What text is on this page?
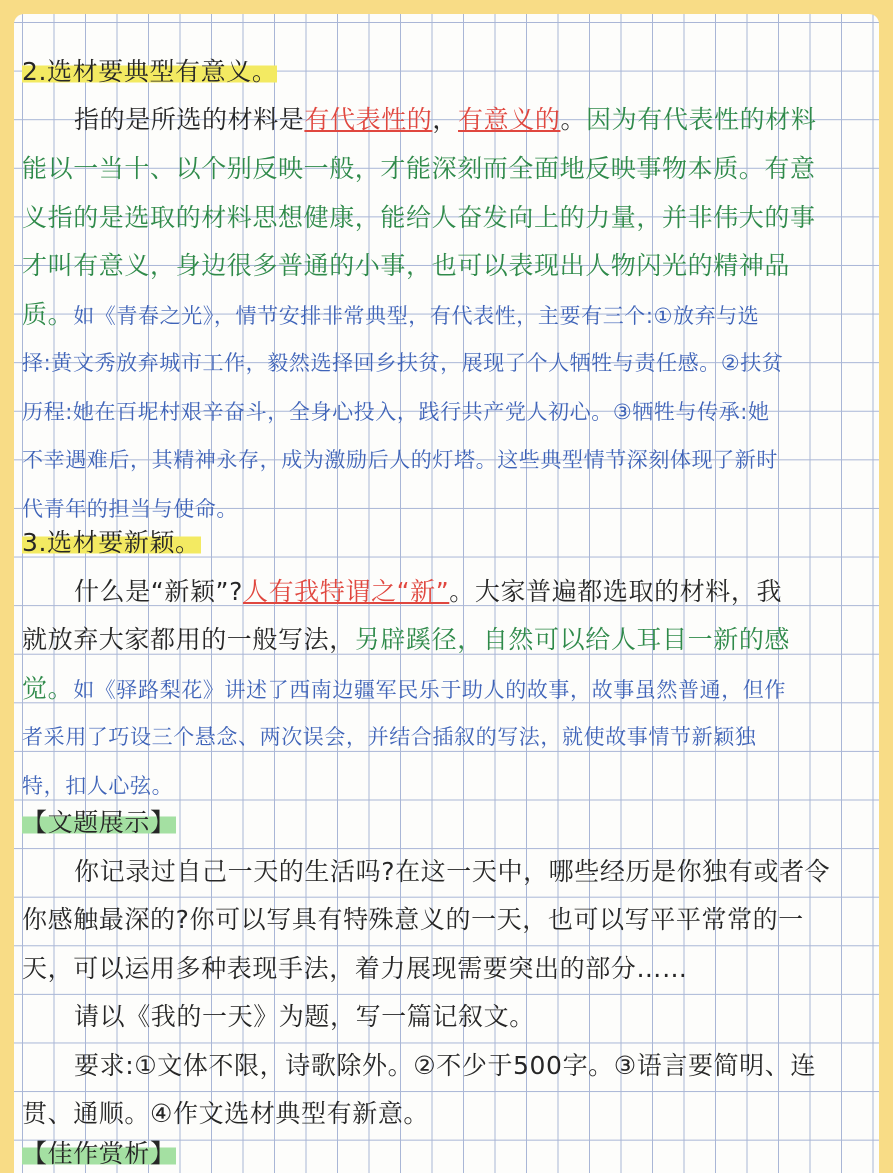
2.选材要典型有意义。
指的是所选的材料是有代表性的，有意义的。因为有代表性的材料
能以一当十、以个别反映一般，才能深刻而全面地反映事物本质。有意
义指的是选取的材料思想健康，能给人奋发向上的力量，并非伟大的事
才叫有意义，身边很多普通的小事，也可以表现出人物闪光的精神品
质。如《青春之光》，情节安排非常典型，有代表性，主要有三个:①放弃与选
择:黄文秀放弃城市工作，毅然选择回乡扶贫，展现了个人牺牲与责任感。②扶贫
历程:她在百坭村艰辛奋斗，全身心投入，践行共产党人初心。③牺牲与传承:她
不幸遇难后，其精神永存，成为激励后人的灯塔。这些典型情节深刻体现了新时
代青年的担当与使命。
3.选材要新颖。
什么是“新颖”?人有我特谓之“新”。大家普遍都选取的材料，我
就放弃大家都用的一般写法，另辟蹊径，自然可以给人耳目一新的感
觉。如《驿路梨花》讲述了西南边疆军民乐于助人的故事，故事虽然普通，但作
者采用了巧设三个悬念、两次误会，并结合插叙的写法，就使故事情节新颖独
特，扣人心弦。
【文题展示】
你记录过自己一天的生活吗?在这一天中，哪些经历是你独有或者令
你感触最深的?你可以写具有特殊意义的一天，也可以写平平常常的一
天，可以运用多种表现手法，着力展现需要突出的部分……
请以《我的一天》为题，写一篇记叙文。
要求:①文体不限，诗歌除外。②不少于500字。③语言要简明、连
贯、通顺。④作文选材典型有新意。
【佳作赏析】
